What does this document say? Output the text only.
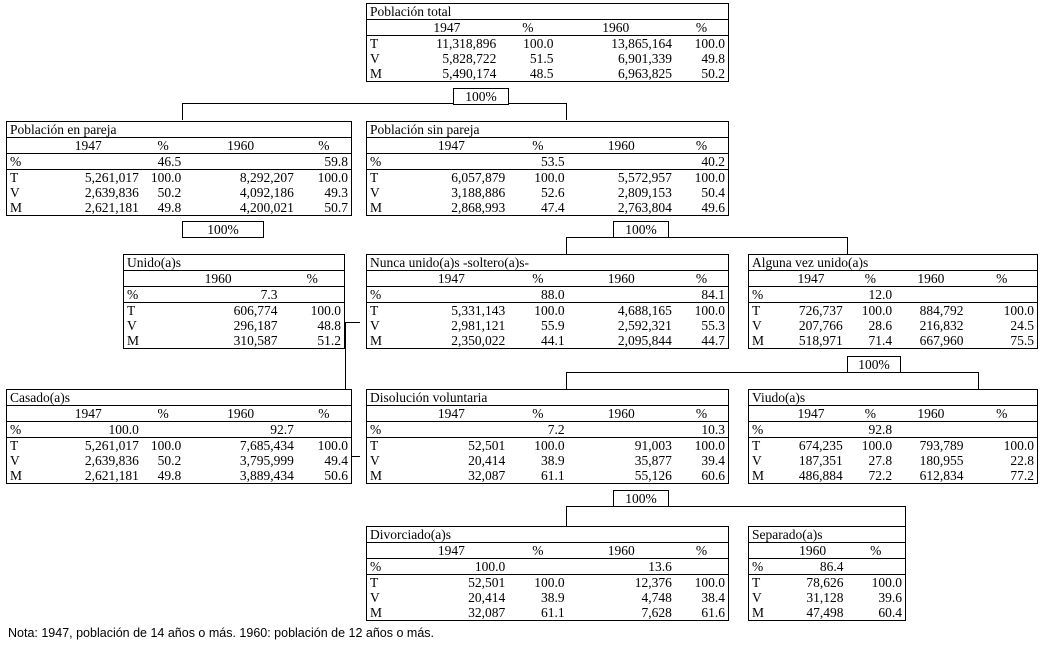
100%
100%	100%
100%
100%
Población total
	1947	%	1960	%
T	11,318,896	100.0	13,865,164	100.0
V	5,828,722	51.5	6,901,339	49.8
M	5,490,174	48.5	6,963,825	50.2
Población en pareja
	1947	%	1960	%
%		46.5		59.8
T	5,261,017	100.0	8,292,207	100.0
V	2,639,836	50.2	4,092,186	49.3
M	2,621,181	49.8	4,200,021	50.7
Población sin pareja
	1947	%	1960	%
%		53.5		40.2
T	6,057,879	100.0	5,572,957	100.0
V	3,188,886	52.6	2,809,153	50.4
M	2,868,993	47.4	2,763,804	49.6
Unido(a)s
	1960	%
%	7.3	
T	606,774	100.0
V	296,187	48.8
M	310,587	51.2
Nunca unido(a)s -soltero(a)s-
	1947	%	1960	%
%		88.0		84.1
T	5,331,143	100.0	4,688,165	100.0
V	2,981,121	55.9	2,592,321	55.3
M	2,350,022	44.1	2,095,844	44.7
Alguna vez unido(a)s
	1947	%	1960	%
%		12.0		
T	726,737	100.0	884,792	100.0
V	207,766	28.6	216,832	24.5
M	518,971	71.4	667,960	75.5
Casado(a)s
	1947	%	1960	%
%	100.0		92.7	
T	5,261,017	100.0	7,685,434	100.0
V	2,639,836	50.2	3,795,999	49.4
M	2,621,181	49.8	3,889,434	50.6
Disolución voluntaria
	1947	%	1960	%
%		7.2		10.3
T	52,501	100.0	91,003	100.0
V	20,414	38.9	35,877	39.4
M	32,087	61.1	55,126	60.6
Viudo(a)s
	1947	%	1960	%
%		92.8		
T	674,235	100.0	793,789	100.0
V	187,351	27.8	180,955	22.8
M	486,884	72.2	612,834	77.2
Divorciado(a)s
	1947	%	1960	%
%	100.0		13.6	
T	52,501	100.0	12,376	100.0
V	20,414	38.9	4,748	38.4
M	32,087	61.1	7,628	61.6
Separado(a)s
	1960	%
%	86.4	
T	78,626	100.0
V	31,128	39.6
M	47,498	60.4
Nota: 1947, población de 14 años o más. 1960: población de 12 años o más.
